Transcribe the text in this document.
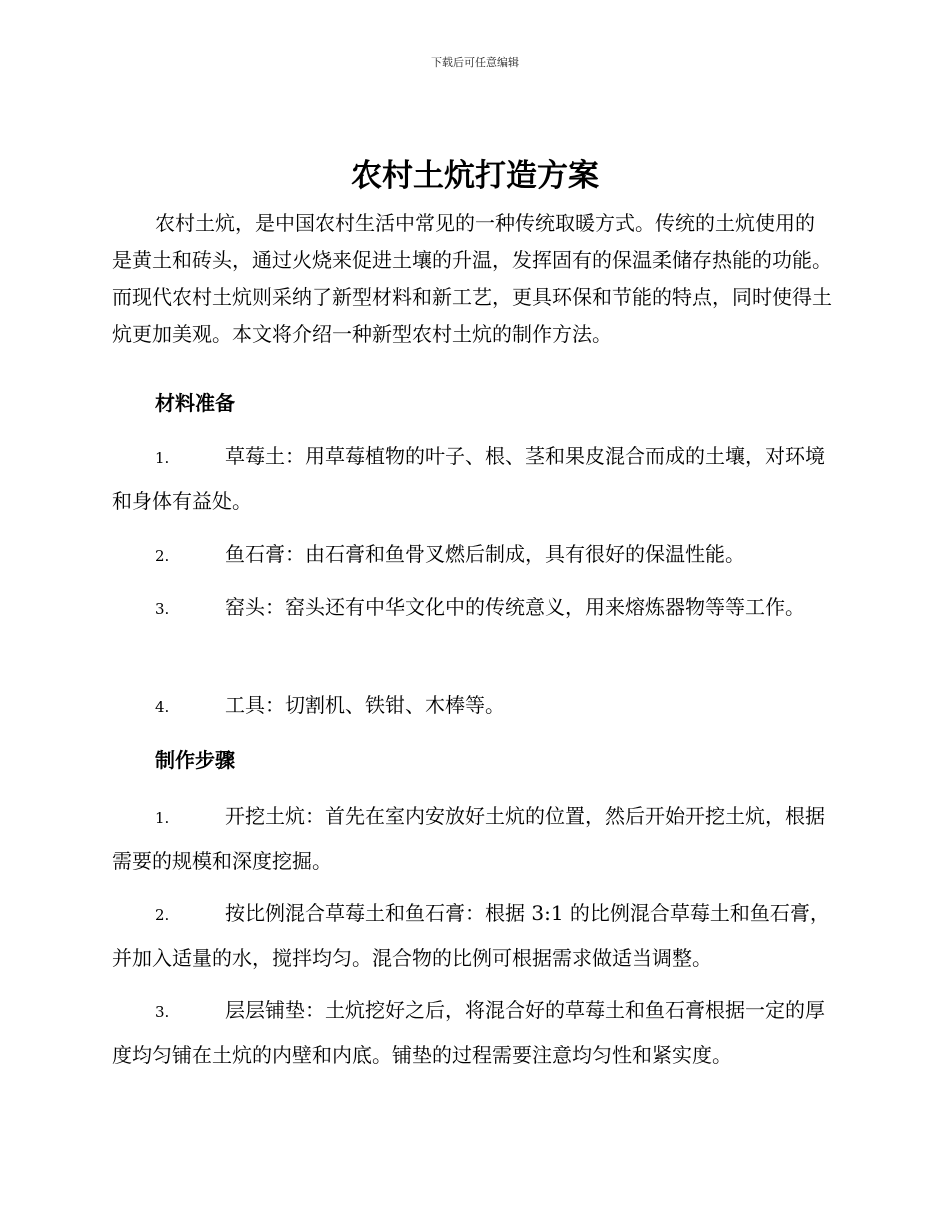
下载后可任意编辑
农村土炕打造方案
农村土炕，是中国农村生活中常见的一种传统取暖方式。传统的土炕使用的是黄土和砖头，通过火烧来促进土壤的升温，发挥固有的保温柔储存热能的功能。而现代农村土炕则采纳了新型材料和新工艺，更具环保和节能的特点，同时使得土炕更加美观。本文将介绍一种新型农村土炕的制作方法。
材料准备
1.	草莓土：用草莓植物的叶子、根、茎和果皮混合而成的土壤，对环境和身体有益处。
2.	鱼石膏：由石膏和鱼骨叉燃后制成，具有很好的保温性能。
3.	窑头：窑头还有中华文化中的传统意义，用来熔炼器物等等工作。
4.	工具：切割机、铁钳、木棒等。
制作步骤
1.	开挖土炕：首先在室内安放好土炕的位置，然后开始开挖土炕，根据需要的规模和深度挖掘。
2.	按比例混合草莓土和鱼石膏：根据 3:1 的比例混合草莓土和鱼石膏，并加入适量的水，搅拌均匀。混合物的比例可根据需求做适当调整。
3.	层层铺垫：土炕挖好之后，将混合好的草莓土和鱼石膏根据一定的厚度均匀铺在土炕的内壁和内底。铺垫的过程需要注意均匀性和紧实度。
